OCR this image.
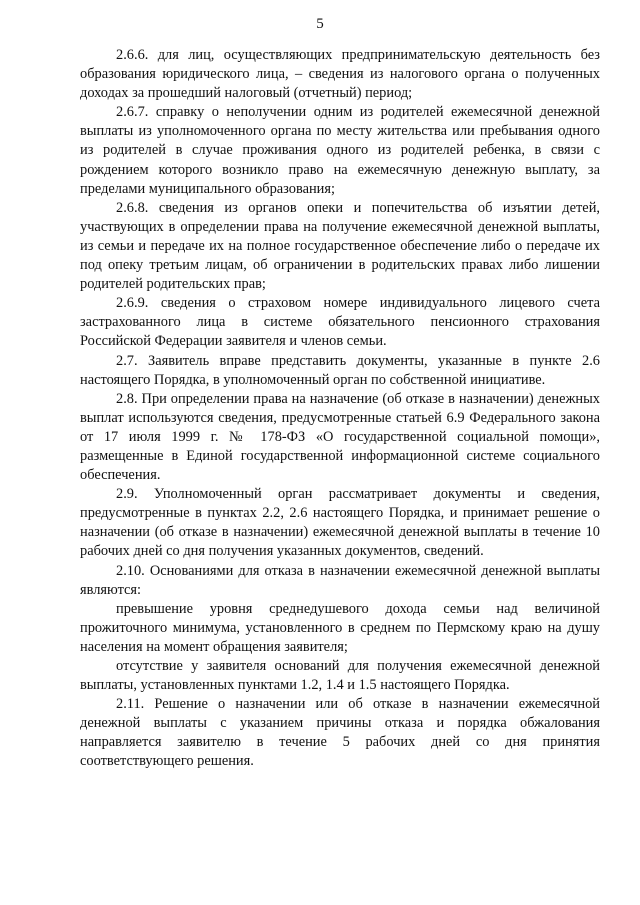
5

2.6.6. для лиц, осуществляющих предпринимательскую деятельность без образования юридического лица, – сведения из налогового органа о полученных доходах за прошедший налоговый (отчетный) период;

2.6.7. справку о неполучении одним из родителей ежемесячной денежной выплаты из уполномоченного органа по месту жительства или пребывания одного из родителей в случае проживания одного из родителей ребенка, в связи с рождением которого возникло право на ежемесячную денежную выплату, за пределами муниципального образования;

2.6.8. сведения из органов опеки и попечительства об изъятии детей, участвующих в определении права на получение ежемесячной денежной выплаты, из семьи и передаче их на полное государственное обеспечение либо о передаче их под опеку третьим лицам, об ограничении в родительских правах либо лишении родителей родительских прав;

2.6.9. сведения о страховом номере индивидуального лицевого счета застрахованного лица в системе обязательного пенсионного страхования Российской Федерации заявителя и членов семьи.

2.7. Заявитель вправе представить документы, указанные в пункте 2.6 настоящего Порядка, в уполномоченный орган по собственной инициативе.

2.8. При определении права на назначение (об отказе в назначении) денежных выплат используются сведения, предусмотренные статьей 6.9 Федерального закона от 17 июля 1999 г. № 178-ФЗ «О государственной социальной помощи», размещенные в Единой государственной информационной системе социального обеспечения.

2.9. Уполномоченный орган рассматривает документы и сведения, предусмотренные в пунктах 2.2, 2.6 настоящего Порядка, и принимает решение о назначении (об отказе в назначении) ежемесячной денежной выплаты в течение 10 рабочих дней со дня получения указанных документов, сведений.

2.10. Основаниями для отказа в назначении ежемесячной денежной выплаты являются:

превышение уровня среднедушевого дохода семьи над величиной прожиточного минимума, установленного в среднем по Пермскому краю на душу населения на момент обращения заявителя;

отсутствие у заявителя оснований для получения ежемесячной денежной выплаты, установленных пунктами 1.2, 1.4 и 1.5 настоящего Порядка.

2.11. Решение о назначении или об отказе в назначении ежемесячной денежной выплаты с указанием причины отказа и порядка обжалования направляется заявителю в течение 5 рабочих дней со дня принятия соответствующего решения.
